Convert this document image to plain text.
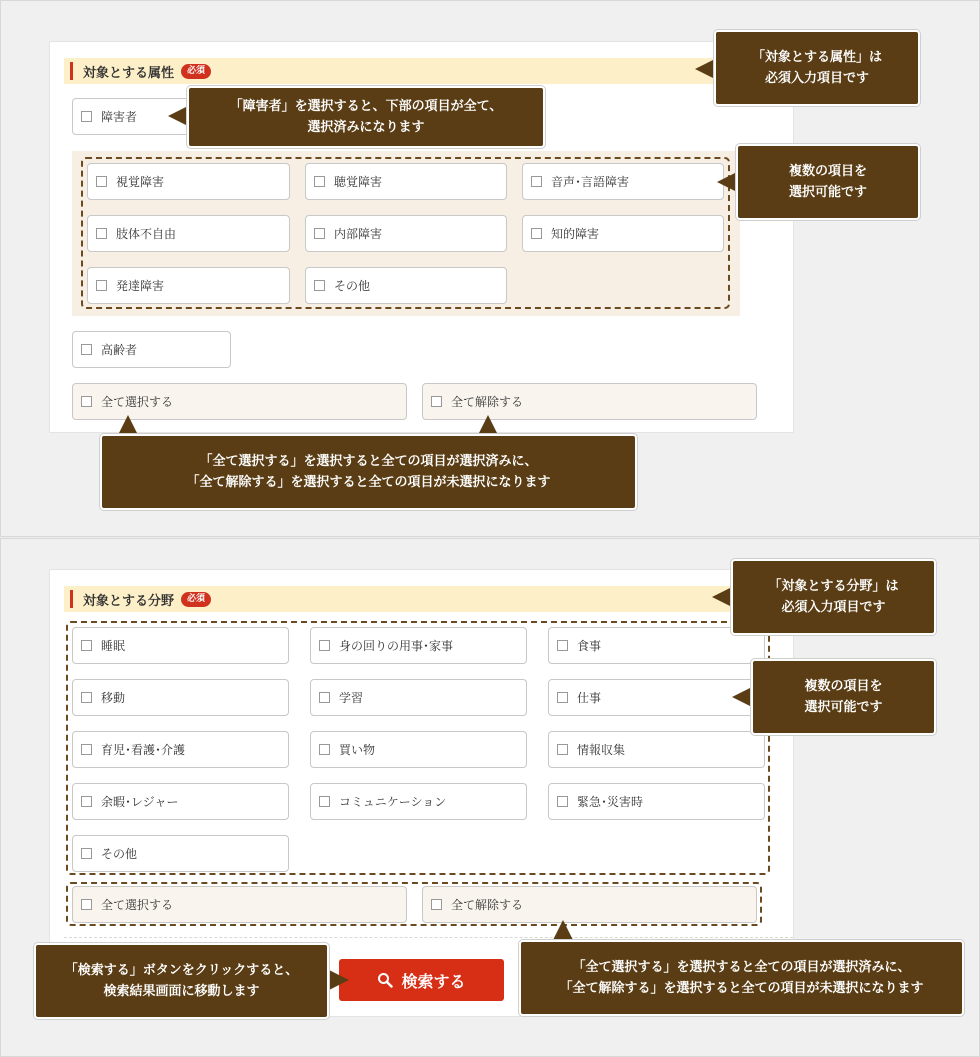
対象とする属性	必須
障害者
視覚障害	聴覚障害	音声･言語障害
肢体不自由	内部障害	知的障害
発達障害	その他
高齢者
全て選択する	全て解除する
「対象とする属性」は
必須入力項目です
「障害者」を選択すると、下部の項目が全て、
選択済みになります
複数の項目を
選択可能です
「全て選択する」を選択すると全ての項目が選択済みに、
「全て解除する」を選択すると全ての項目が未選択になります
対象とする分野	必須
睡眠	身の回りの用事･家事	食事
移動	学習	仕事
育児･看護･介護	買い物	情報収集
余暇･レジャー	コミュニケーション	緊急･災害時
その他
全て選択する	全て解除する
検索する
「対象とする分野」は
必須入力項目です
複数の項目を
選択可能です
「検索する」ボタンをクリックすると、
検索結果画面に移動します
「全て選択する」を選択すると全ての項目が選択済みに、
「全て解除する」を選択すると全ての項目が未選択になります
